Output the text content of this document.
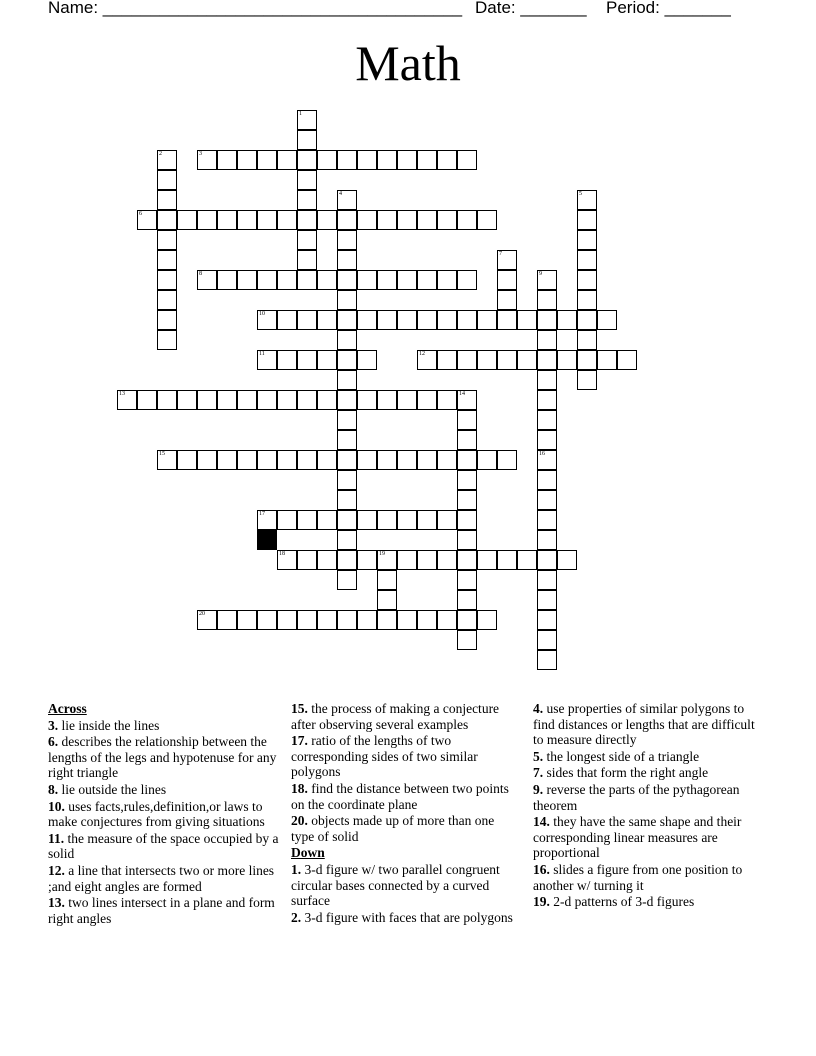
Name: ______________________________________ Date: _______ Period: _______
Math
3
6
8
10
11	12
13	14
15
17
18	19
20
1
2
4	5
7
9
16
Across
3. lie inside the lines
6. describes the relationship between the lengths of the legs and hypotenuse for any right triangle
8. lie outside the lines
10. uses facts,rules,definition,or laws to make conjectures from giving situations
11. the measure of the space occupied by a solid
12. a line that intersects two or more lines ;and eight angles are formed
13. two lines intersect in a plane and form right angles
15. the process of making a conjecture after observing several examples
17. ratio of the lengths of two corresponding sides of two similar polygons
18. find the distance between two points on the coordinate plane
20. objects made up of more than one type of solid
Down
1. 3-d figure w/ two parallel congruent circular bases connected by a curved surface
2. 3-d figure with faces that are polygons
4. use properties of similar polygons to find distances or lengths that are difficult to measure directly
5. the longest side of a triangle
7. sides that form the right angle
9. reverse the parts of the pythagorean theorem
14. they have the same shape and their corresponding linear measures are proportional
16. slides a figure from one position to another w/ turning it
19. 2-d patterns of 3-d figures
